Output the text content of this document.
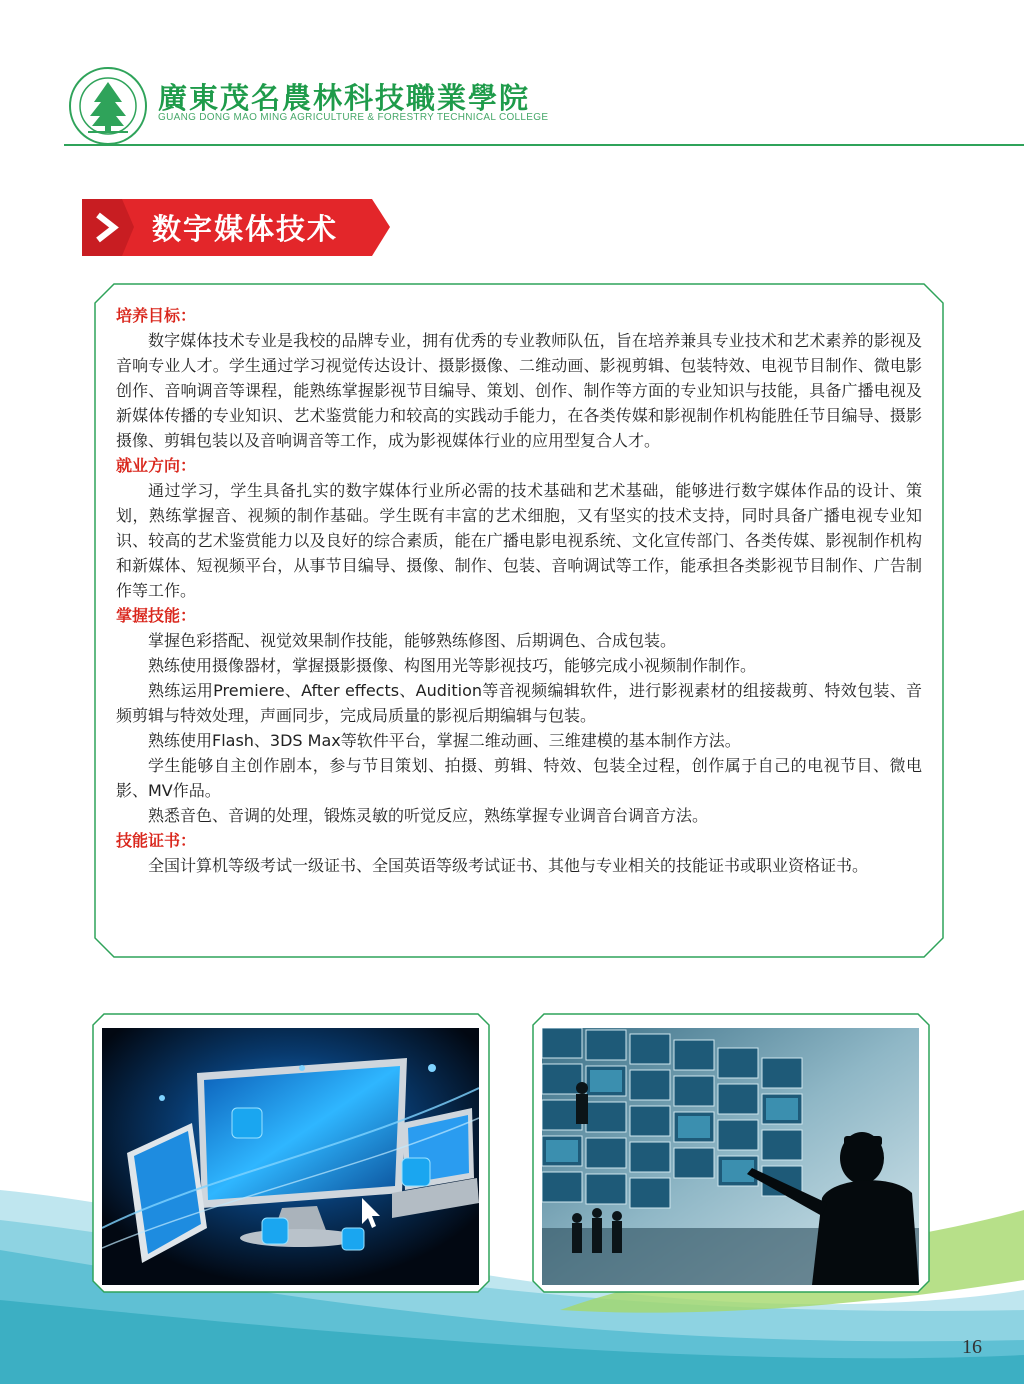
廣東茂名農林科技職業學院
GUANG DONG MAO MING AGRICULTURE & FORESTRY TECHNICAL COLLEGE
数字媒体技术
培养目标：

数字媒体技术专业是我校的品牌专业，拥有优秀的专业教师队伍，旨在培养兼具专业技术和艺术素养的影视及音响专业人才。学生通过学习视觉传达设计、摄影摄像、二维动画、影视剪辑、包装特效、电视节目制作、微电影创作、音响调音等课程，能熟练掌握影视节目编导、策划、创作、制作等方面的专业知识与技能，具备广播电视及新媒体传播的专业知识、艺术鉴赏能力和较高的实践动手能力，在各类传媒和影视制作机构能胜任节目编导、摄影摄像、剪辑包装以及音响调音等工作，成为影视媒体行业的应用型复合人才。

就业方向：

通过学习，学生具备扎实的数字媒体行业所必需的技术基础和艺术基础，能够进行数字媒体作品的设计、策划，熟练掌握音、视频的制作基础。学生既有丰富的艺术细胞，又有坚实的技术支持，同时具备广播电视专业知识、较高的艺术鉴赏能力以及良好的综合素质，能在广播电影电视系统、文化宣传部门、各类传媒、影视制作机构和新媒体、短视频平台，从事节目编导、摄像、制作、包装、音响调试等工作，能承担各类影视节目制作、广告制作等工作。

掌握技能：

掌握色彩搭配、视觉效果制作技能，能够熟练修图、后期调色、合成包装。

熟练使用摄像器材，掌握摄影摄像、构图用光等影视技巧，能够完成小视频制作制作。

熟练运用Premiere、After effects、Audition等音视频编辑软件，进行影视素材的组接裁剪、特效包装、音频剪辑与特效处理，声画同步，完成局质量的影视后期编辑与包装。

熟练使用Flash、3DS Max等软件平台，掌握二维动画、三维建模的基本制作方法。

学生能够自主创作剧本，参与节目策划、拍摄、剪辑、特效、包装全过程，创作属于自己的电视节目、微电影、MV作品。

熟悉音色、音调的处理，锻炼灵敏的听觉反应，熟练掌握专业调音台调音方法。

技能证书：

全国计算机等级考试一级证书、全国英语等级考试证书、其他与专业相关的技能证书或职业资格证书。

16
